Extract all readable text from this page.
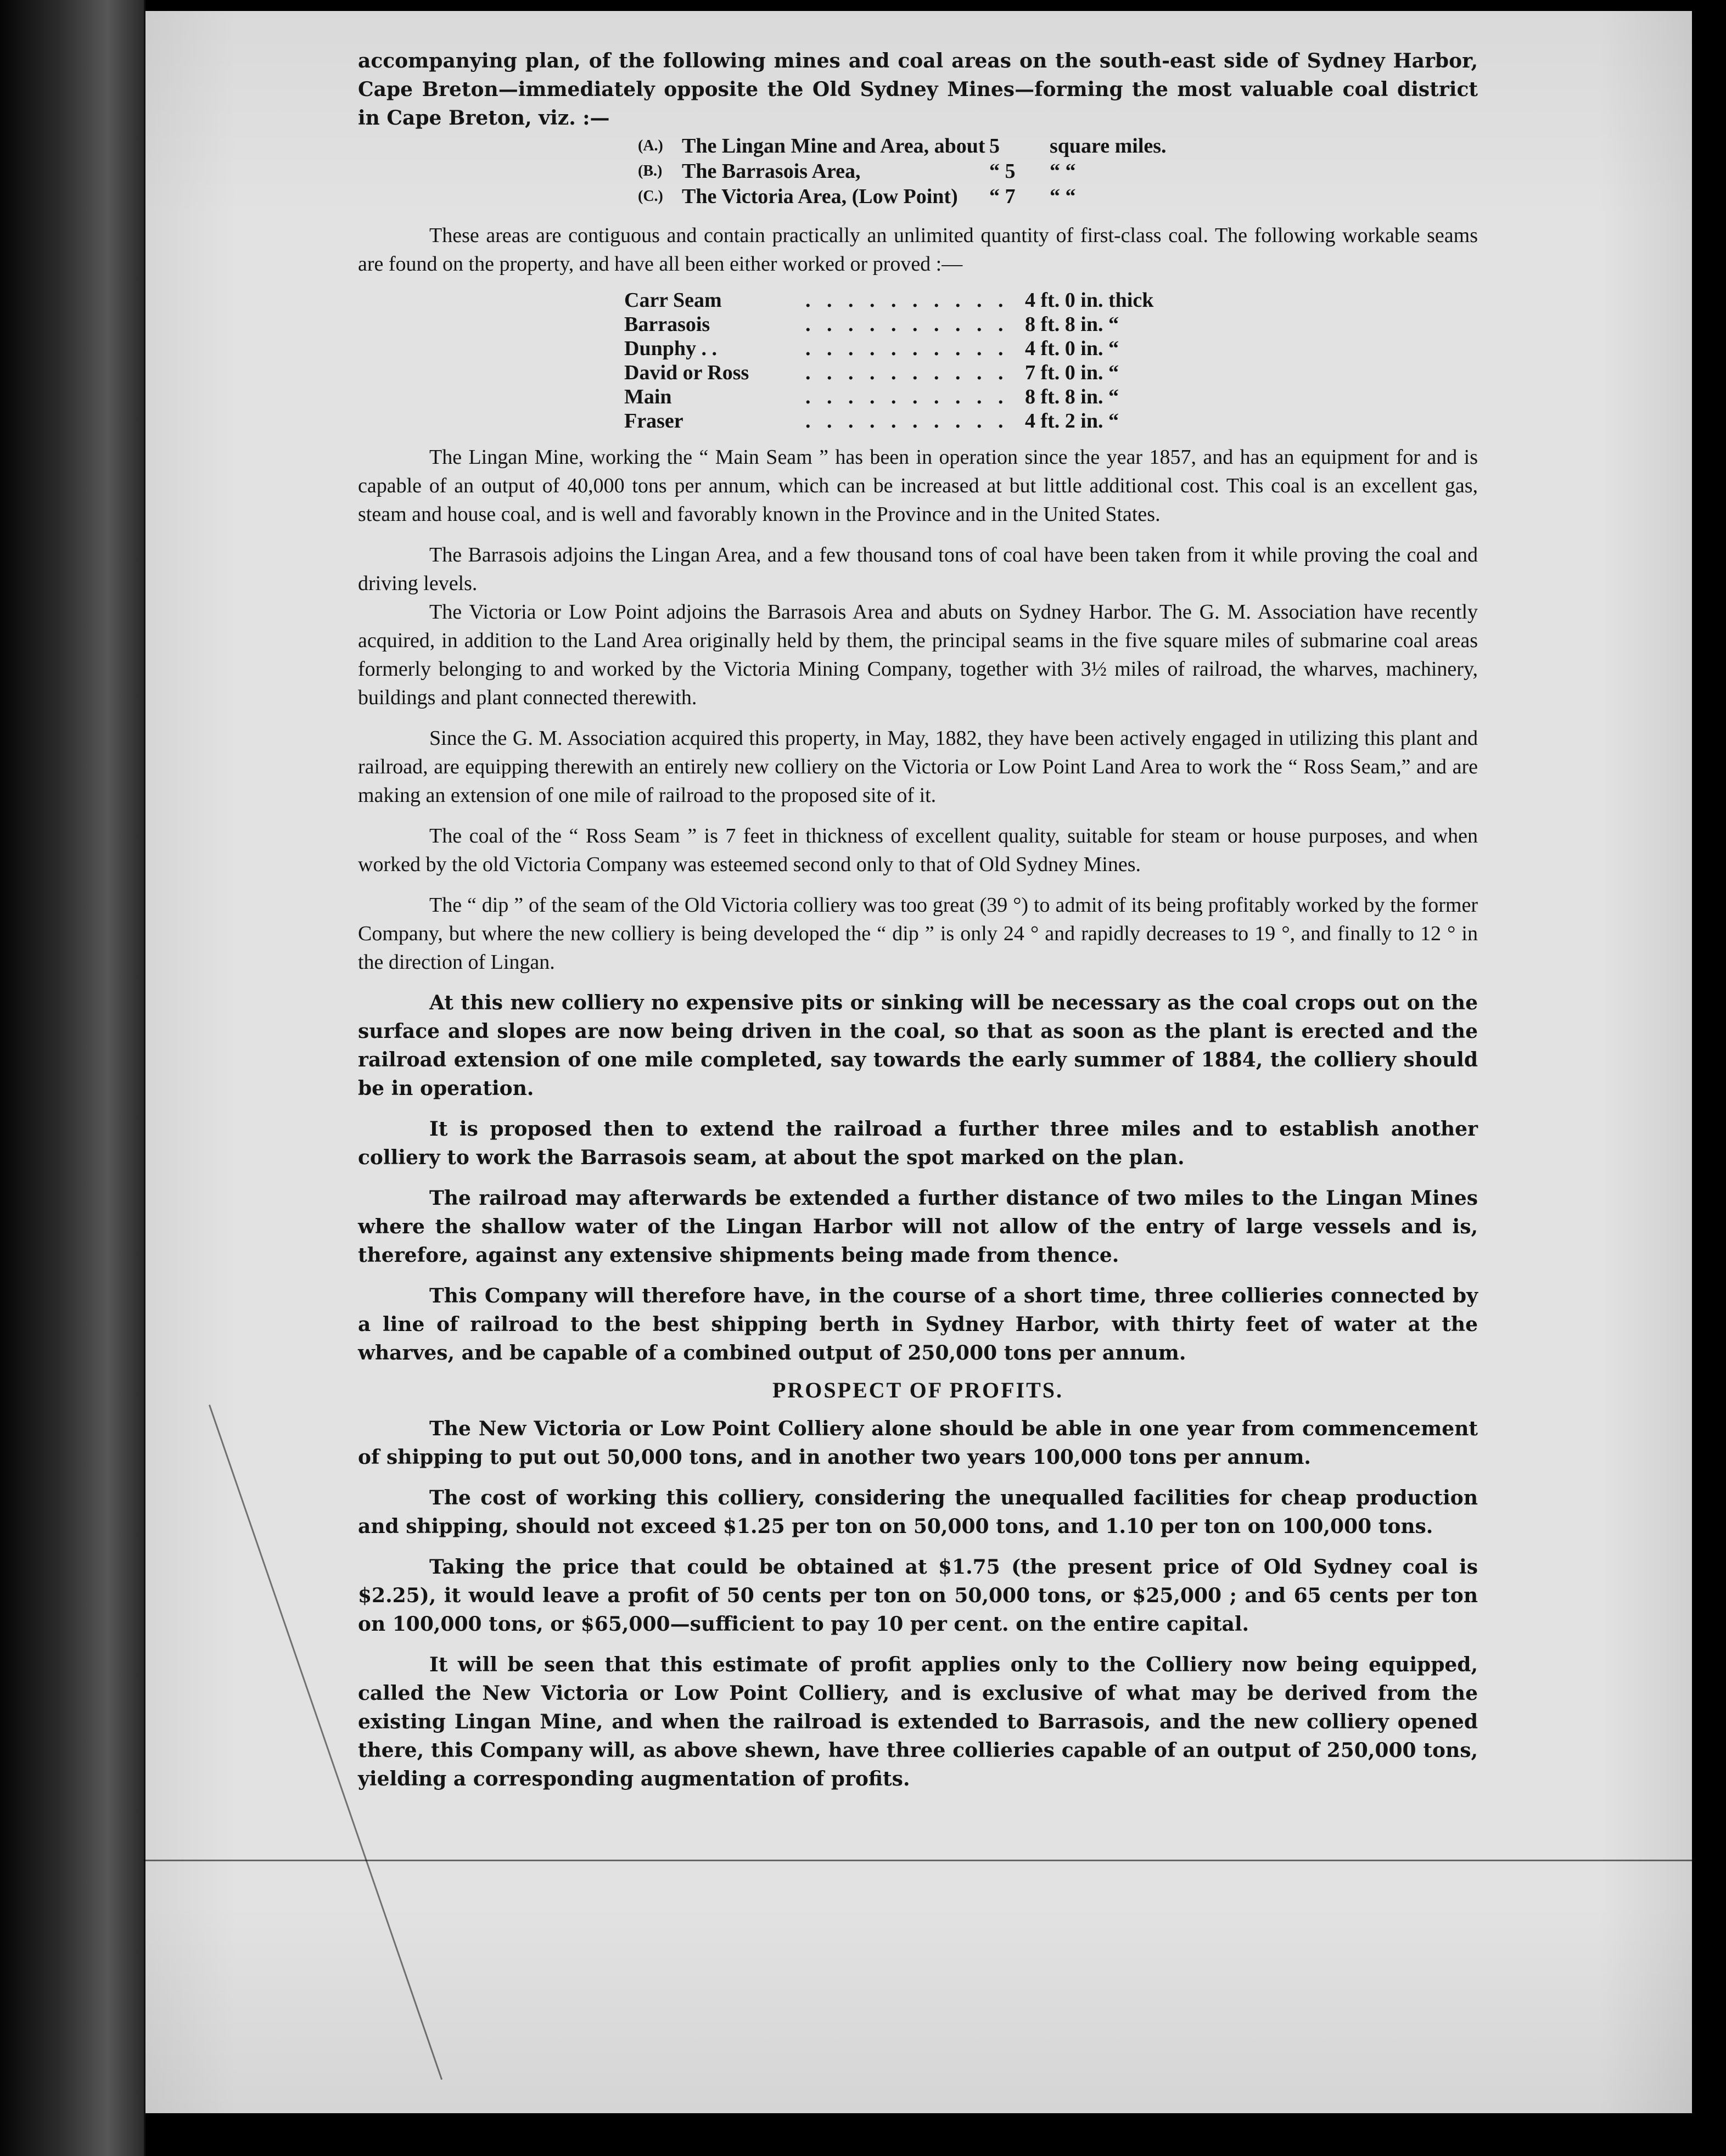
accompanying plan, of the following mines and coal areas on the south-east side of Sydney Harbor, Cape Breton—immediately opposite the Old Sydney Mines—forming the most valuable coal district in Cape Breton, viz. :—

(A.) The Lingan Mine and Area, about 5	square miles.
(B.) The Barrasois Area,	“ 5	“ “
(C.) The Victoria Area, (Low Point)	“ 7	“ “

These areas are contiguous and contain practically an unlimited quantity of first-class coal. The following workable seams are found on the property, and have all been either worked or proved :—

Carr Seam	. . . . . . . . . . 4 ft. 0 in. thick
Barrasois	. . . . . . . . . . 8 ft. 8 in. “
Dunphy . .	. . . . . . . . . . 4 ft. 0 in. “
David or Ross	. . . . . . . . . . 7 ft. 0 in. “
Main	. . . . . . . . . . 8 ft. 8 in. “
Fraser	. . . . . . . . . . 4 ft. 2 in. “

The Lingan Mine, working the “ Main Seam ” has been in operation since the year 1857, and has an equipment for and is capable of an output of 40,000 tons per annum, which can be increased at but little additional cost. This coal is an excellent gas, steam and house coal, and is well and favorably known in the Province and in the United States.

The Barrasois adjoins the Lingan Area, and a few thousand tons of coal have been taken from it while proving the coal and driving levels.

The Victoria or Low Point adjoins the Barrasois Area and abuts on Sydney Harbor. The G. M. Association have recently acquired, in addition to the Land Area originally held by them, the principal seams in the five square miles of submarine coal areas formerly belonging to and worked by the Victoria Mining Company, together with 3½ miles of railroad, the wharves, machinery, buildings and plant connected therewith.

Since the G. M. Association acquired this property, in May, 1882, they have been actively engaged in utilizing this plant and railroad, are equipping therewith an entirely new colliery on the Victoria or Low Point Land Area to work the “ Ross Seam,” and are making an extension of one mile of railroad to the proposed site of it.

The coal of the “ Ross Seam ” is 7 feet in thickness of excellent quality, suitable for steam or house purposes, and when worked by the old Victoria Company was esteemed second only to that of Old Sydney Mines.

The “ dip ” of the seam of the Old Victoria colliery was too great (39 °) to admit of its being profitably worked by the former Company, but where the new colliery is being developed the “ dip ” is only 24 ° and rapidly decreases to 19 °, and finally to 12 ° in the direction of Lingan.

At this new colliery no expensive pits or sinking will be necessary as the coal crops out on the surface and slopes are now being driven in the coal, so that as soon as the plant is erected and the railroad extension of one mile completed, say towards the early summer of 1884, the colliery should be in operation.

It is proposed then to extend the railroad a further three miles and to establish another colliery to work the Barrasois seam, at about the spot marked on the plan.

The railroad may afterwards be extended a further distance of two miles to the Lingan Mines where the shallow water of the Lingan Harbor will not allow of the entry of large vessels and is, therefore, against any extensive shipments being made from thence.

This Company will therefore have, in the course of a short time, three collieries connected by a line of railroad to the best shipping berth in Sydney Harbor, with thirty feet of water at the wharves, and be capable of a combined output of 250,000 tons per annum.

PROSPECT OF PROFITS.

The New Victoria or Low Point Colliery alone should be able in one year from commencement of shipping to put out 50,000 tons, and in another two years 100,000 tons per annum.

The cost of working this colliery, considering the unequalled facilities for cheap production and shipping, should not exceed $1.25 per ton on 50,000 tons, and 1.10 per ton on 100,000 tons.

Taking the price that could be obtained at $1.75 (the present price of Old Sydney coal is $2.25), it would leave a profit of 50 cents per ton on 50,000 tons, or $25,000 ; and 65 cents per ton on 100,000 tons, or $65,000—sufficient to pay 10 per cent. on the entire capital.

It will be seen that this estimate of profit applies only to the Colliery now being equipped, called the New Victoria or Low Point Colliery, and is exclusive of what may be derived from the existing Lingan Mine, and when the railroad is extended to Barrasois, and the new colliery opened there, this Company will, as above shewn, have three collieries capable of an output of 250,000 tons, yielding a corresponding augmentation of profits.
